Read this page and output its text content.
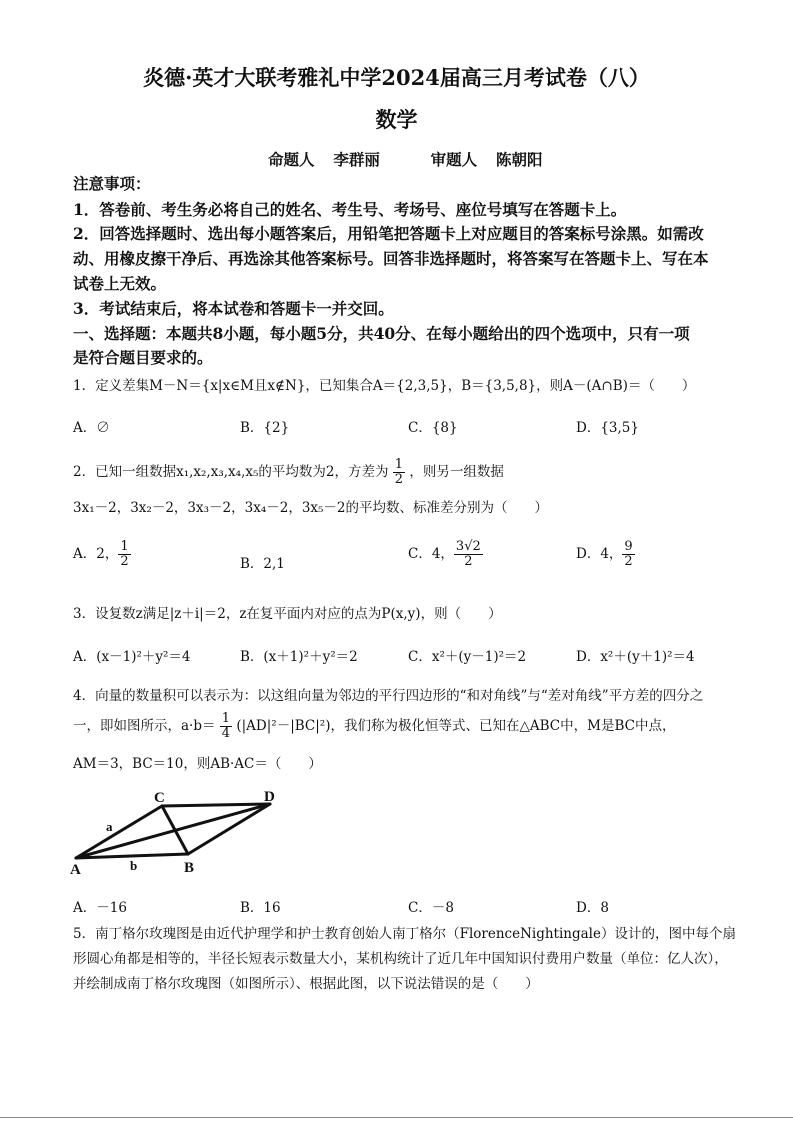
炎德·英才大联考雅礼中学2024届高三月考试卷（八）
数学
命题人 李群丽	审题人 陈朝阳
注意事项：
1．答卷前、考生务必将自己的姓名、考生号、考场号、座位号填写在答题卡上。
2．回答选择题时、选出每小题答案后，用铅笔把答题卡上对应题目的答案标号涂黑。如需改
动、用橡皮擦干净后、再选涂其他答案标号。回答非选择题时，将答案写在答题卡上、写在本
试卷上无效。
3．考试结束后，将本试卷和答题卡一并交回。
一、选择题：本题共8小题，每小题5分，共40分、在每小题给出的四个选项中，只有一项
是符合题目要求的。
1．定义差集M－N＝{x|x∈M且x∉N}，已知集合A＝{2,3,5}，B＝{3,5,8}，则A－(A∩B)＝（　　）
A．∅	B．{2}	C．{8}	D．{3,5}
2．已知一组数据x₁,x₂,x₃,x₄,x₅的平均数为2，方差为 $\frac{1}{2}$ ，则另一组数据
3x₁－2，3x₂－2，3x₃－2，3x₄－2，3x₅－2的平均数、标准差分别为（　　）
A．2， $\frac{1}{2}$	B．2,1
C．4， $\frac{3√2}{2}$	D．4， $\frac{9}{2}$
3．设复数z满足|z＋i|＝2，z在复平面内对应的点为P(x,y)，则（　　）
A．(x－1)²＋y²＝4	B．(x＋1)²＋y²＝2	C．x²＋(y－1)²＝2	D．x²＋(y＋1)²＝4
4．向量的数量积可以表示为：以这组向量为邻边的平行四边形的“和对角线”与“差对角线”平方差的四分之
一，即如图所示，$a\cdot b= \frac{1}{4} (|AD|^2-|BC|^2)$，我们称为极化恒等式、已知在△ABC中，M是BC中点，
AM＝3，BC＝10，则AB·AC＝（　　）
C	D
a
b
A	B
A．－16	B．16	C．－8	D．8
5．南丁格尔玫瑰图是由近代护理学和护士教育创始人南丁格尔（FlorenceNightingale）设计的，图中每个扇
形圆心角都是相等的，半径长短表示数量大小，某机构统计了近几年中国知识付费用户数量（单位：亿人次），
并绘制成南丁格尔玫瑰图（如图所示）、根据此图，以下说法错误的是（　　）
